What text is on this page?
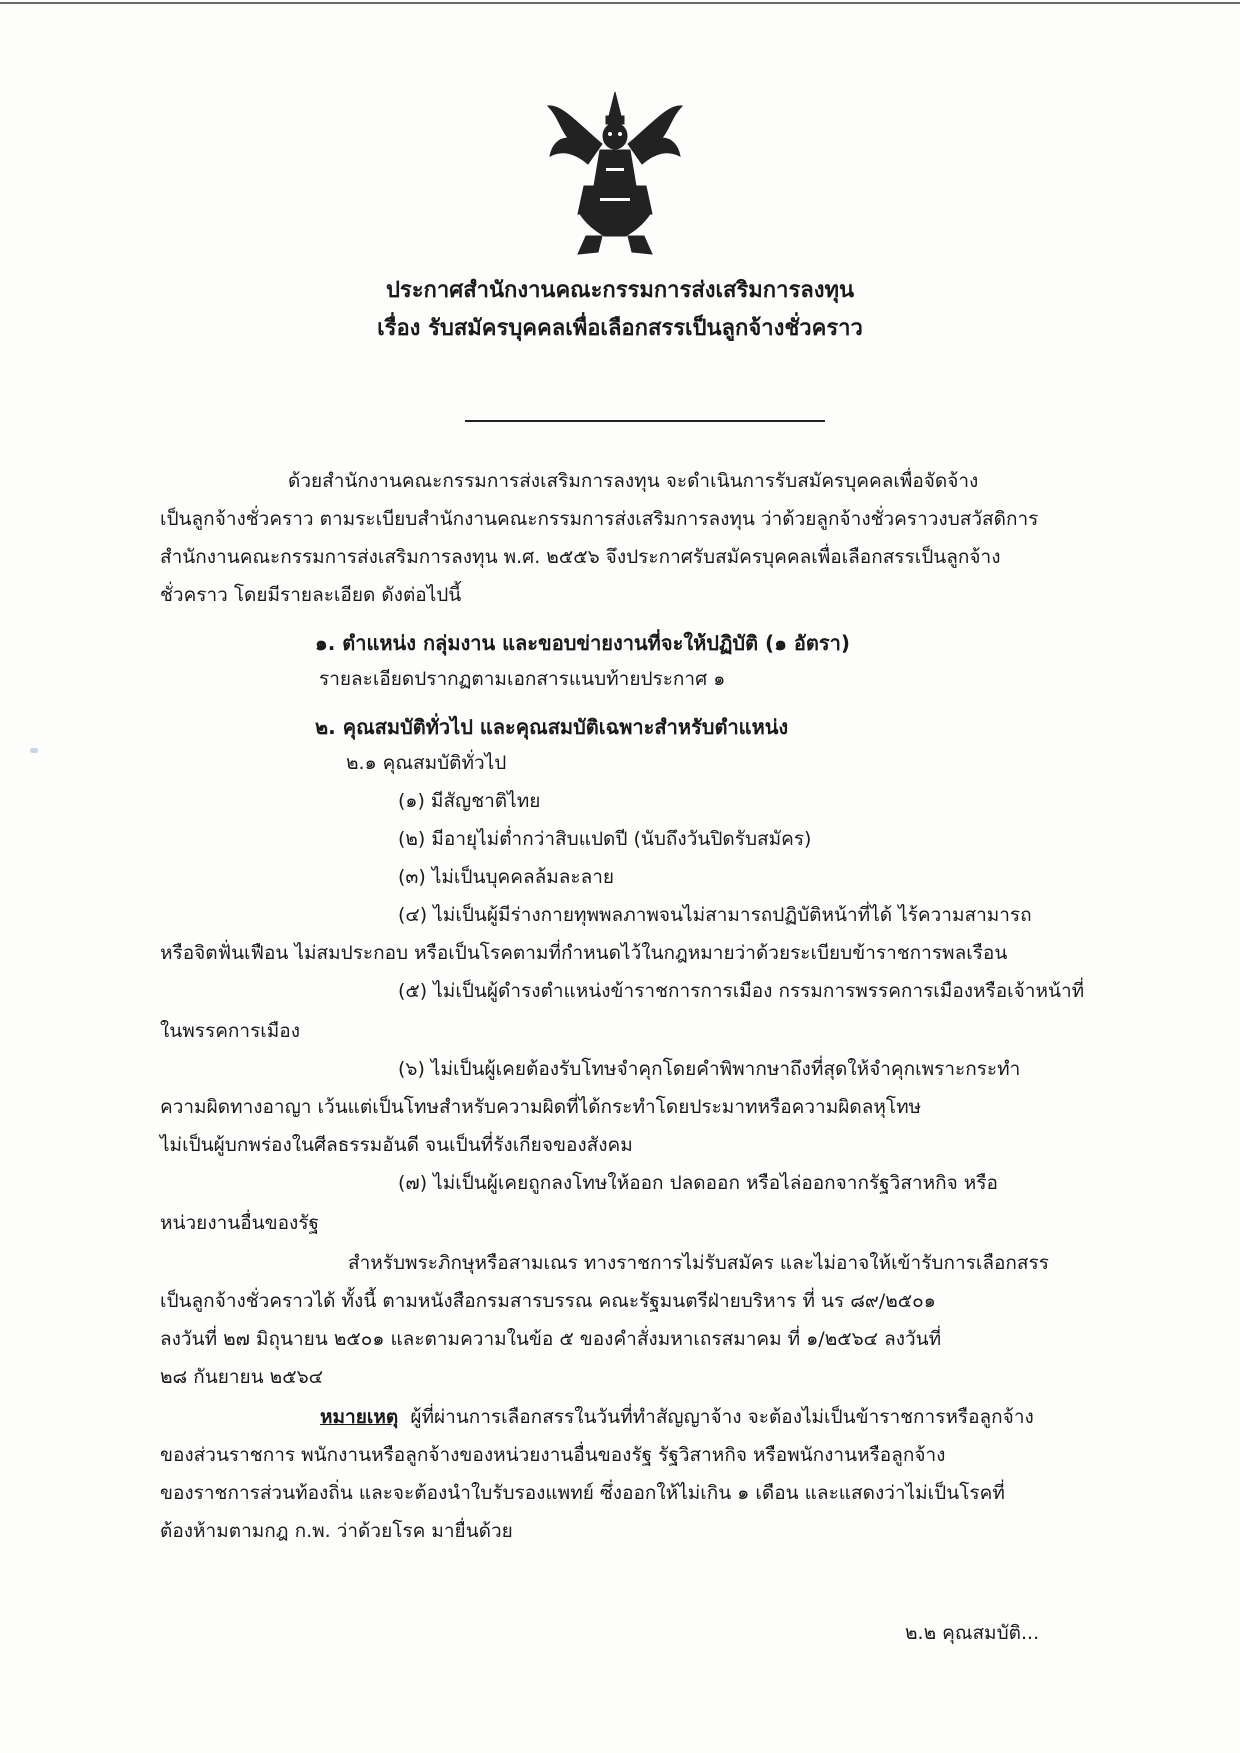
ประกาศสำนักงานคณะกรรมการส่งเสริมการลงทุน
เรื่อง รับสมัครบุคคลเพื่อเลือกสรรเป็นลูกจ้างชั่วคราว
ด้วยสำนักงานคณะกรรมการส่งเสริมการลงทุน จะดำเนินการรับสมัครบุคคลเพื่อจัดจ้าง
เป็นลูกจ้างชั่วคราว ตามระเบียบสำนักงานคณะกรรมการส่งเสริมการลงทุน ว่าด้วยลูกจ้างชั่วคราวงบสวัสดิการ
สำนักงานคณะกรรมการส่งเสริมการลงทุน พ.ศ. ๒๕๕๖ จึงประกาศรับสมัครบุคคลเพื่อเลือกสรรเป็นลูกจ้าง
ชั่วคราว โดยมีรายละเอียด ดังต่อไปนี้
๑. ตำแหน่ง กลุ่มงาน และขอบข่ายงานที่จะให้ปฏิบัติ (๑ อัตรา)
รายละเอียดปรากฏตามเอกสารแนบท้ายประกาศ ๑
๒. คุณสมบัติทั่วไป และคุณสมบัติเฉพาะสำหรับตำแหน่ง
๒.๑ คุณสมบัติทั่วไป
(๑) มีสัญชาติไทย
(๒) มีอายุไม่ต่ำกว่าสิบแปดปี (นับถึงวันปิดรับสมัคร)
(๓) ไม่เป็นบุคคลล้มละลาย
(๔) ไม่เป็นผู้มีร่างกายทุพพลภาพจนไม่สามารถปฏิบัติหน้าที่ได้ ไร้ความสามารถ
หรือจิตฟั่นเฟือน ไม่สมประกอบ หรือเป็นโรคตามที่กำหนดไว้ในกฎหมายว่าด้วยระเบียบข้าราชการพลเรือน
(๕) ไม่เป็นผู้ดำรงตำแหน่งข้าราชการการเมือง กรรมการพรรคการเมืองหรือเจ้าหน้าที่
ในพรรคการเมือง
(๖) ไม่เป็นผู้เคยต้องรับโทษจำคุกโดยคำพิพากษาถึงที่สุดให้จำคุกเพราะกระทำ
ความผิดทางอาญา เว้นแต่เป็นโทษสำหรับความผิดที่ได้กระทำโดยประมาทหรือความผิดลหุโทษ
ไม่เป็นผู้บกพร่องในศีลธรรมอันดี จนเป็นที่รังเกียจของสังคม
(๗) ไม่เป็นผู้เคยถูกลงโทษให้ออก ปลดออก หรือไล่ออกจากรัฐวิสาหกิจ หรือ
หน่วยงานอื่นของรัฐ
สำหรับพระภิกษุหรือสามเณร ทางราชการไม่รับสมัคร และไม่อาจให้เข้ารับการเลือกสรร
เป็นลูกจ้างชั่วคราวได้ ทั้งนี้ ตามหนังสือกรมสารบรรณ คณะรัฐมนตรีฝ่ายบริหาร ที่ นร ๘๙/๒๕๐๑
ลงวันที่ ๒๗ มิถุนายน ๒๕๐๑ และตามความในข้อ ๕ ของคำสั่งมหาเถรสมาคม ที่ ๑/๒๕๖๔ ลงวันที่
๒๘ กันยายน ๒๕๖๔
หมายเหตุ ผู้ที่ผ่านการเลือกสรรในวันที่ทำสัญญาจ้าง จะต้องไม่เป็นข้าราชการหรือลูกจ้าง
ของส่วนราชการ พนักงานหรือลูกจ้างของหน่วยงานอื่นของรัฐ รัฐวิสาหกิจ หรือพนักงานหรือลูกจ้าง
ของราชการส่วนท้องถิ่น และจะต้องนำใบรับรองแพทย์ ซึ่งออกให้ไม่เกิน ๑ เดือน และแสดงว่าไม่เป็นโรคที่
ต้องห้ามตามกฎ ก.พ. ว่าด้วยโรค มายื่นด้วย
๒.๒ คุณสมบัติ...
